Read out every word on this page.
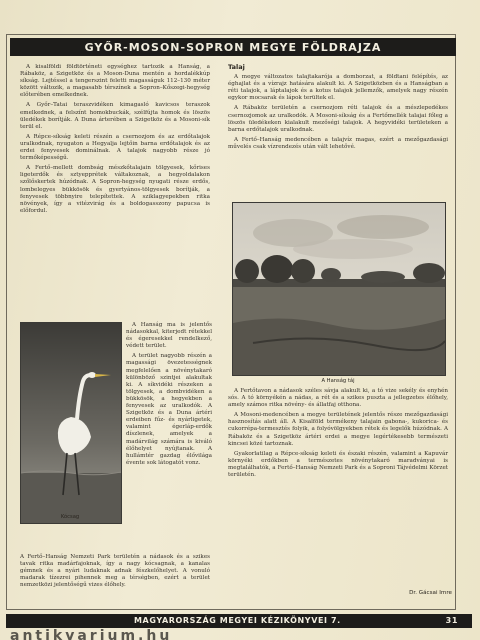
GYŐR-MOSON-SOPRON MEGYE FÖLDRAJZA

A kisalföldi földtörténeti egységhez tartozik a Hanság, a Rábaköz, a Szigetköz és a Moson-Duna mentén a hordalékkúp síkság. Lejtéssel a tengerszint feletti magasságuk 112–130 méter között változik, a magasabb térszínek a Sopron–Kőszegi-hegység előterében emelkednek.

A Győr–Tatai teraszvidéken kimagasló kavicsos teraszok emelkednek, a felszínt homokbuckák, szélfújta homok és löszös üledékek borítják. A Duna árterében a Szigetköz és a Mosoni-sík terül el.

A Répce-síkság keleti részén a csernozjom és az erdőtalajok uralkodnak, nyugaton a Hegyalja lejtőin barna erdőtalajok és az erdei fenyvesek dominálnak. A talajok nagyobb része jó termőképességű.

A Fertő–mellett dombság mészkőtalajain tölgyesek, kőrises ligeterdők és sztyepprétek váltakoznak, a hegyoldalakon szőlőskertek húzódnak. A Sopron-hegység nyugati része erdős, lombelegyes bükkösök és gyertyános-tölgyesek borítják, a fenyvesek többnyire telepítettek. A sziklagyepekben ritka növények, így a vitézvirág és a boldogasszony papucsa is előfordul.

Kócsag

A Hanság ma is jelentős nádasokkal, kiterjedt rétekkel és égeresekkel rendelkező, védett terület.

A terület nagyobb részén a magassági övezetességnek megfelelően a növénytakaró különböző szintjei alakultak ki. A síkvidéki részeken a tölgyesek, a dombvidéken a bükkösök, a hegyekben a fenyvesek az uralkodók. A Szigetköz és a Duna ártéri erdeiben fűz- és nyárligetek, valamint égerláp-erdők díszlenek, amelyek a madárvilág számára is kiváló élőhelyet nyújtanak. A hullámtér gazdag élővilága évente sok látogatót vonz.

A Fertő–Hanság Nemzeti Park területén a nádasok és a szikes tavak ritka madárfajoknak, így a nagy kócsagnak, a kanalas gémnek és a nyári ludaknak adnak fészkelőhelyet. A vonuló madarak tízezrei pihennek meg a térségben, ezért a terület nemzetközi jelentőségű vizes élőhely.

Talaj

A megye változatos talajtakarója a domborzat, a földtani felépítés, az éghajlat és a vízrajz hatására alakult ki. A Szigetközben és a Hanságban a réti talajok, a láptalajok és a kotus talajok jellemzők, amelyek nagy részén egykor mocsarak és lápok terültek el.

A Rábaköz területén a csernozjom réti talajok és a mészlepedékes csernozjomok az uralkodók. A Mosoni-síkság és a Fertőmellék talajai főleg a löszös üledékeken kialakult mezőségi talajok. A hegyvidéki területeken a barna erdőtalajok uralkodnak.

A Fertő–Hanság medencében a talajvíz magas, ezért a mezőgazdasági művelés csak vízrendezés után vált lehetővé.

A Hanság táj

A Fertőtavon a nádasok széles sávja alakult ki, a tó vize sekély és enyhén sós. A tó környékén a nádas, a rét és a szikes puszta a jellegzetes élőhely, amely számos ritka növény- és állatfaj otthona.

A Mosoni-medencében a megye területének jelentős része mezőgazdasági hasznosítás alatt áll. A Kisalföld termékeny talajain gabona-, kukorica- és cukorrépa-termesztés folyik, a folyóvölgyekben rétek és legelők húzódnak. A Rábaköz és a Szigetköz ártéri erdei a megye legértékesebb természeti kincsei közé tartoznak.

Gyakorlatilag a Répce-síkság keleti és északi részén, valamint a Kapuvár környéki erdőkben a természetes növénytakaró maradványai is megtalálhatók, a Fertő–Hanság Nemzeti Park és a Soproni Tájvédelmi Körzet területén.

Dr. Gácsai Imre
MAGYARORSZÁG MEGYEI KÉZIKÖNYVEI 7.	31
antikvarium.hu
